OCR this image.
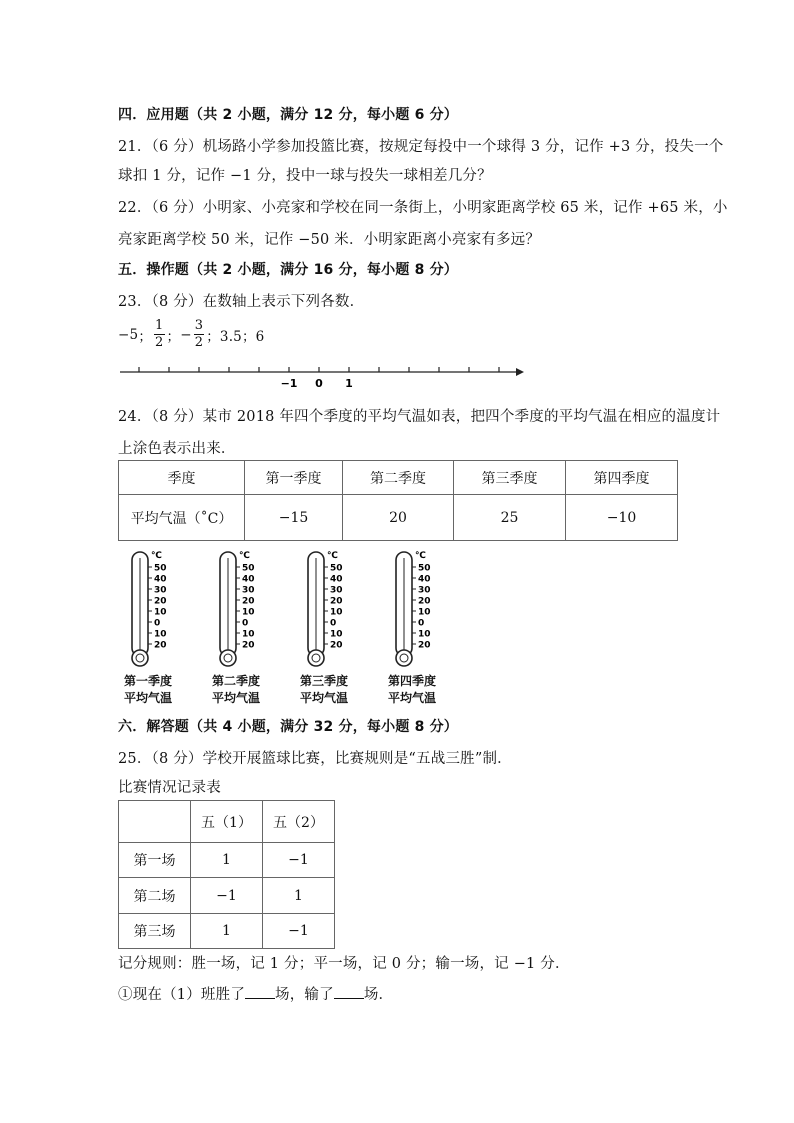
四．应用题（共 2 小题，满分 12 分，每小题 6 分）
21．（6 分）机场路小学参加投篮比赛，按规定每投中一个球得 3 分，记作 +3 分，投失一个
球扣 1 分，记作 −1 分，投中一球与投失一球相差几分？
22．（6 分）小明家、小亮家和学校在同一条街上，小明家距离学校 65 米，记作 +65 米，小
亮家距离学校 50 米，记作 −50 米．小明家距离小亮家有多远？
五．操作题（共 2 小题，满分 16 分，每小题 8 分）
23．（8 分）在数轴上表示下列各数．
−5 ； $\frac{1}{2}$ ； − $\frac{3}{2}$ ；3.5；6
−1 0 1
24．（8 分）某市 2018 年四个季度的平均气温如表，把四个季度的平均气温在相应的温度计
上涂色表示出来．
季度	第一季度	第二季度	第三季度	第四季度
平均气温（˚C）	−15	20	25	−10
℃
50
40
30
20
10
0
10
20
℃
50
40
30
20
10
0
10
20
℃
50
40
30
20
10
0
10
20
℃
50
40
30
20
10
0
10
20
第一季度
平均气温
第二季度
平均气温
第三季度
平均气温
第四季度
平均气温
六．解答题（共 4 小题，满分 32 分，每小题 8 分）
25．（8 分）学校开展篮球比赛，比赛规则是“五战三胜”制．
比赛情况记录表
	五（1）	五（2）
第一场	1	−1
第二场	−1	1
第三场	1	−1
记分规则：胜一场，记 1 分；平一场，记 0 分；输一场，记 −1 分．
①现在（1）班胜了 场，输了 场．
